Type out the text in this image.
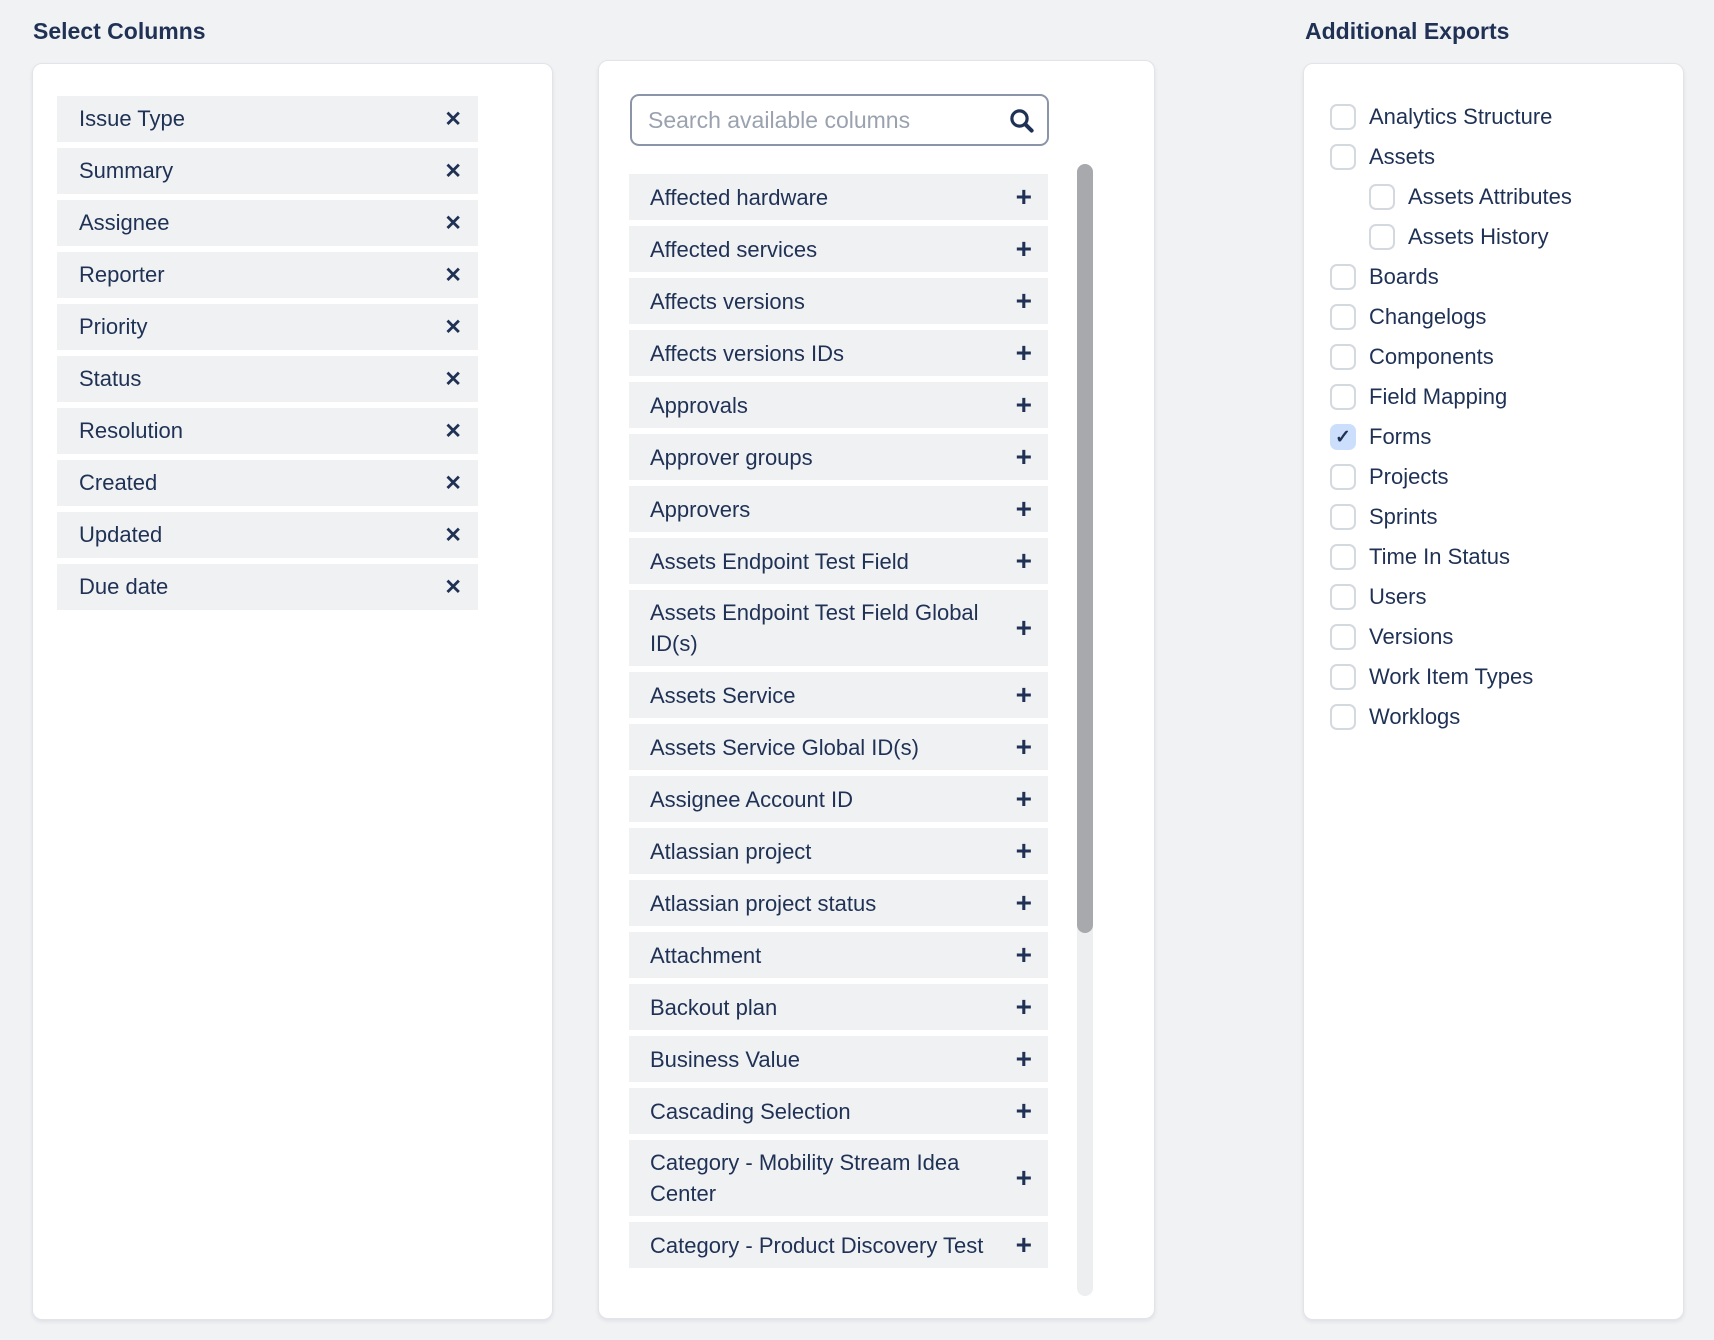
Select Columns	Additional Exports
Issue Type	✕
Summary	✕
Assignee	✕
Reporter	✕
Priority	✕
Status	✕
Resolution	✕
Created	✕
Updated	✕
Due date	✕
Search available columns
Affected hardware	+
Affected services	+
Affects versions	+
Affects versions IDs	+
Approvals	+
Approver groups	+
Approvers	+
Assets Endpoint Test Field	+
Assets Endpoint Test Field Global ID(s)
+
Assets Service	+
Assets Service Global ID(s)	+
Assignee Account ID	+
Atlassian project	+
Atlassian project status	+
Attachment	+
Backout plan	+
Business Value	+
Cascading Selection	+
Category - Mobility Stream Idea Center
+
Category - Product Discovery Test	+
Analytics Structure
Assets
Assets Attributes
Assets History
Boards
Changelogs
Components
Field Mapping
✓ Forms
Projects
Sprints
Time In Status
Users
Versions
Work Item Types
Worklogs
